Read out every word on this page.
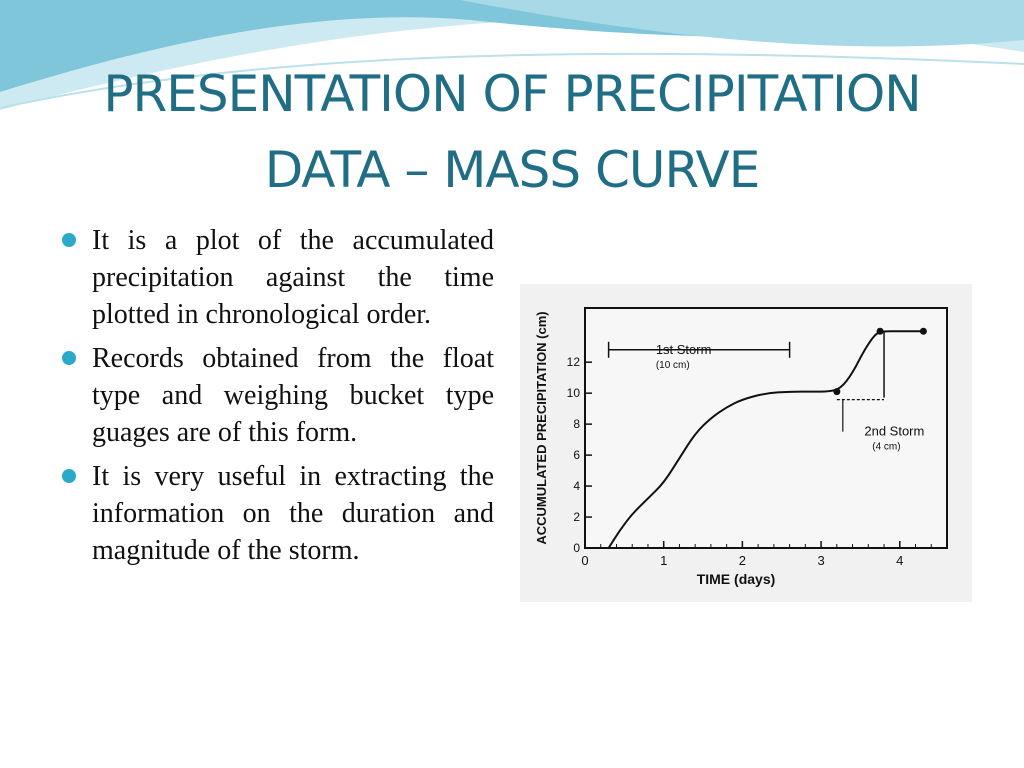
PRESENTATION OF PRECIPITATION
DATA – MASS CURVE
It is a plot of the accumulated precipitation against the time plotted in chronological order.
Records obtained from the float type and weighing bucket type guages are of this form.
It is very useful in extracting the information on the duration and magnitude of the storm.	0	1	2	3	4
0
2
4
6
8
10
12
TIME (days)
ACCUMULATED PRECIPITATION (cm)	1st Storm
(10 cm)
2nd Storm
(4 cm)
